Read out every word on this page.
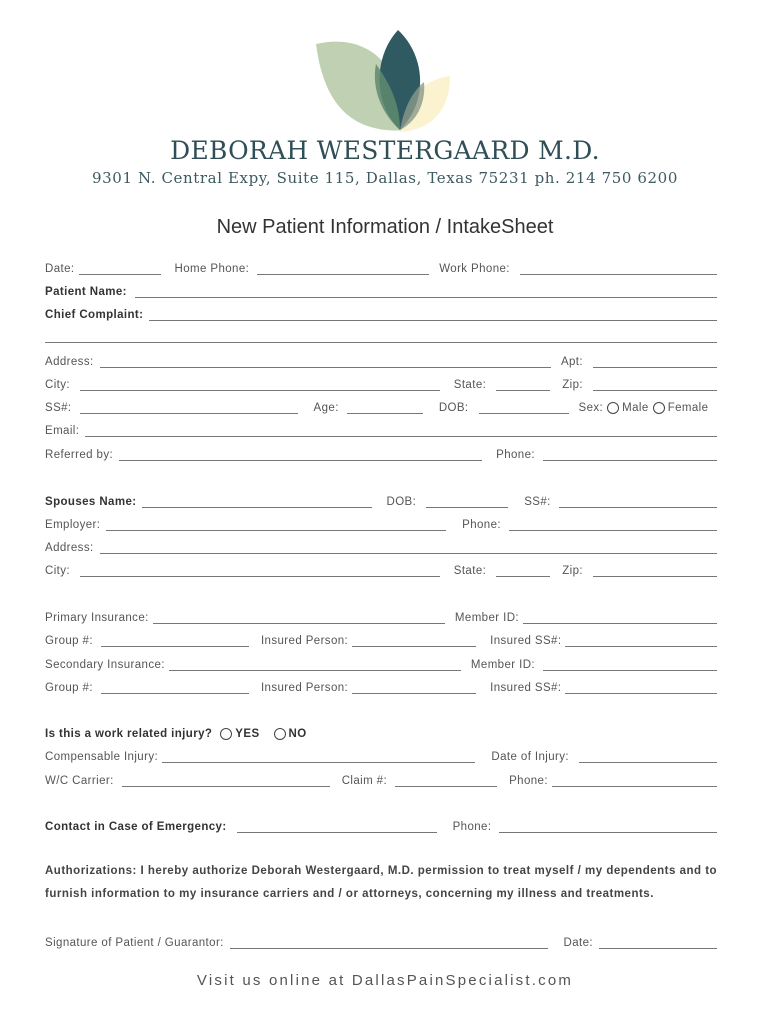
DEBORAH WESTERGAARD M.D.
9301 N. Central Expy, Suite 115, Dallas, Texas 75231 ph. 214 750 6200
New Patient Information / IntakeSheet
Date:	Home Phone:	Work Phone:
Patient Name:
Chief Complaint:
Address:	Apt:
City:	State:	Zip:
SS#:	Age:	DOB:	Sex: Male Female
Email:
Referred by:	Phone:
Spouses Name:	DOB:	SS#:
Employer:	Phone:
Address:
City:	State:	Zip:
Primary Insurance:	Member ID:
Group #:	Insured Person:	Insured SS#:
Secondary Insurance:	Member ID:
Group #:	Insured Person:	Insured SS#:
Is this a work related injury? YES	NO
Compensable Injury:	Date of Injury:
W/C Carrier:	Claim #:	Phone:
Contact in Case of Emergency:	Phone:
Authorizations: I hereby authorize Deborah Westergaard, M.D. permission to treat myself / my dependents and to
furnish information to my insurance carriers and / or attorneys, concerning my illness and treatments.
Signature of Patient / Guarantor:	Date:
Visit us online at DallasPainSpecialist.com
